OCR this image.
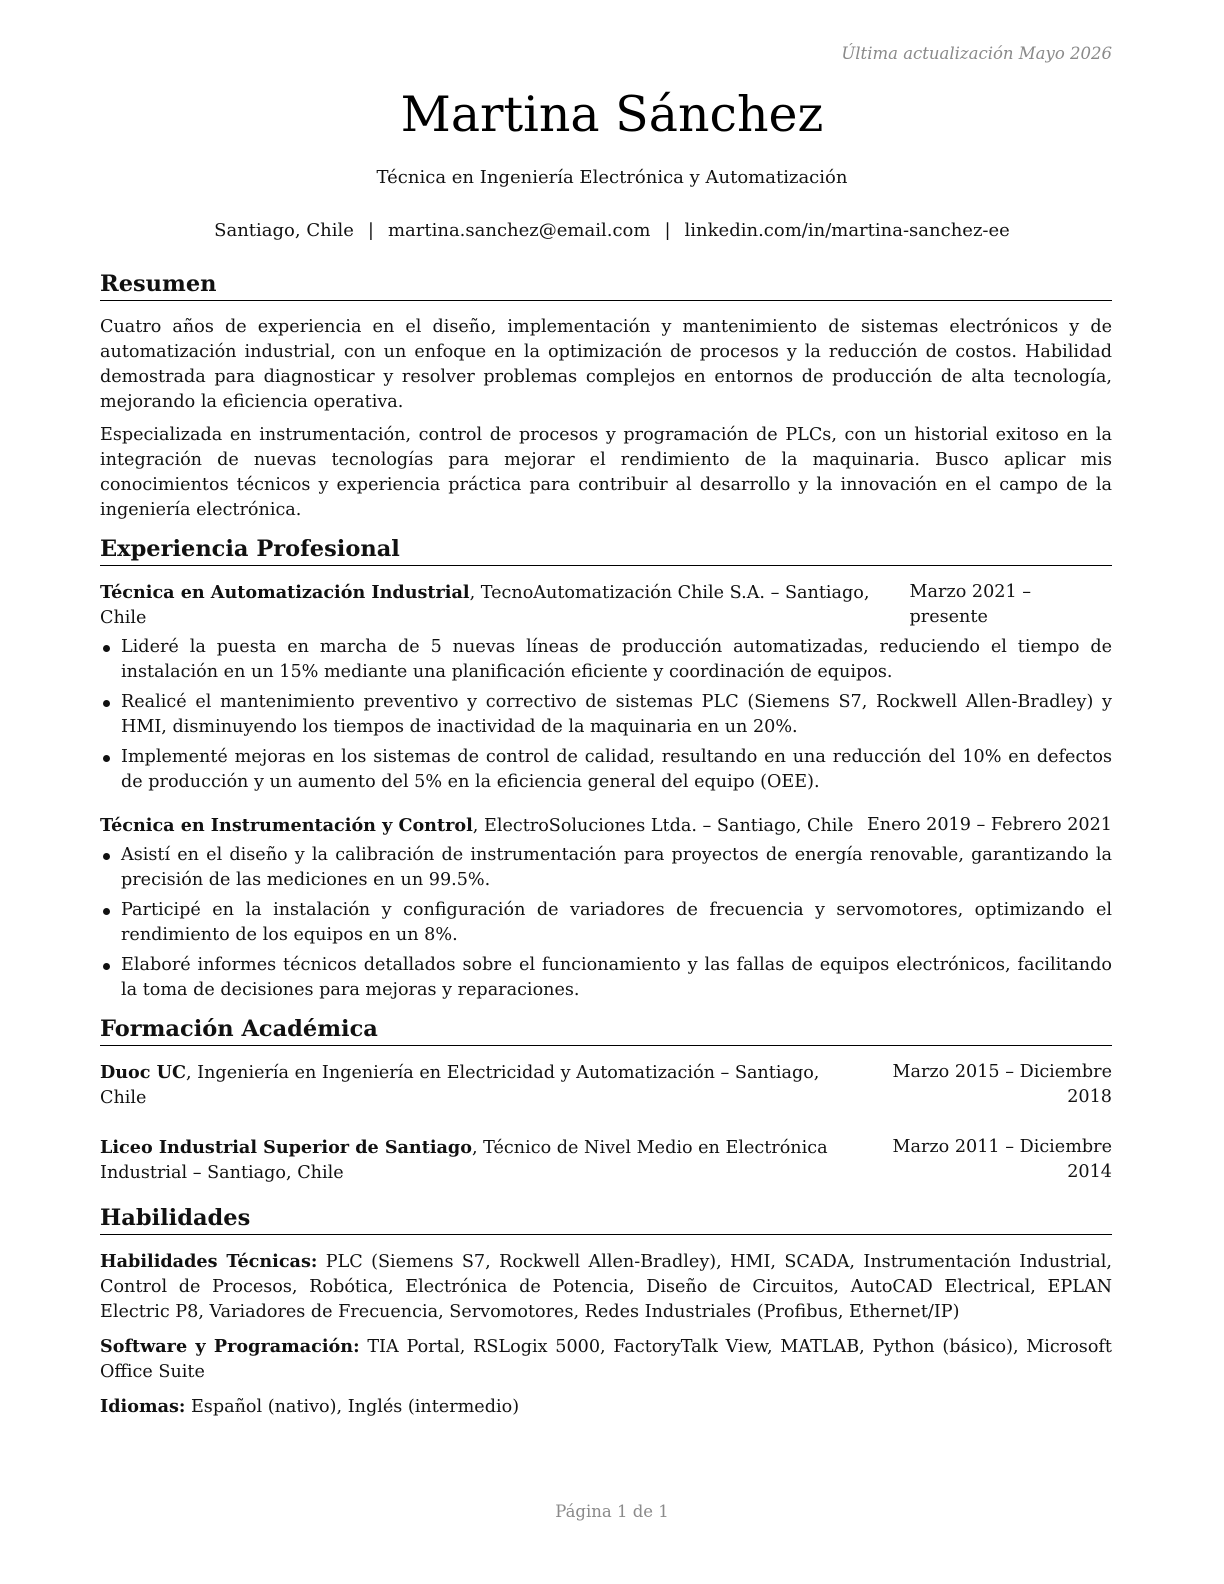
Última actualización Mayo 2026
Martina Sánchez
Técnica en Ingeniería Electrónica y Automatización
Santiago, Chile | martina.sanchez@email.com | linkedin.com/in/martina-sanchez-ee
Resumen

Cuatro años de experiencia en el diseño, implementación y mantenimiento de sistemas electrónicos y de automatización industrial, con un enfoque en la optimización de procesos y la reducción de costos. Habilidad demostrada para diagnosticar y resolver problemas complejos en entornos de producción de alta tecnología, mejorando la eficiencia operativa.

Especializada en instrumentación, control de procesos y programación de PLCs, con un historial exitoso en la integración de nuevas tecnologías para mejorar el rendimiento de la maquinaria. Busco aplicar mis conocimientos técnicos y experiencia práctica para contribuir al desarrollo y la innovación en el campo de la ingeniería electrónica.

Experiencia Profesional
Técnica en Automatización Industrial, TecnoAutomatización Chile S.A. – Santiago, Chile
Marzo 2021 – presente
Lideré la puesta en marcha de 5 nuevas líneas de producción automatizadas, reduciendo el tiempo de instalación en un 15% mediante una planificación eficiente y coordinación de equipos.
Realicé el mantenimiento preventivo y correctivo de sistemas PLC (Siemens S7, Rockwell Allen-Bradley) y HMI, disminuyendo los tiempos de inactividad de la maquinaria en un 20%.
Implementé mejoras en los sistemas de control de calidad, resultando en una reducción del 10% en defectos de producción y un aumento del 5% en la eficiencia general del equipo (OEE).
Técnica en Instrumentación y Control, ElectroSoluciones Ltda. – Santiago, Chile Enero 2019 – Febrero 2021
Asistí en el diseño y la calibración de instrumentación para proyectos de energía renovable, garantizando la precisión de las mediciones en un 99.5%.
Participé en la instalación y configuración de variadores de frecuencia y servomotores, optimizando el rendimiento de los equipos en un 8%.
Elaboré informes técnicos detallados sobre el funcionamiento y las fallas de equipos electrónicos, facilitando la toma de decisiones para mejoras y reparaciones.
Formación Académica
Duoc UC, Ingeniería en Ingeniería en Electricidad y Automatización – Santiago, Chile
Marzo 2015 – Diciembre 2018
Liceo Industrial Superior de Santiago, Técnico de Nivel Medio en Electrónica Industrial – Santiago, Chile
Marzo 2011 – Diciembre 2014
Habilidades

Habilidades Técnicas: PLC (Siemens S7, Rockwell Allen-Bradley), HMI, SCADA, Instrumentación Industrial, Control de Procesos, Robótica, Electrónica de Potencia, Diseño de Circuitos, AutoCAD Electrical, EPLAN Electric P8, Variadores de Frecuencia, Servomotores, Redes Industriales (Profibus, Ethernet/IP)

Software y Programación: TIA Portal, RSLogix 5000, FactoryTalk View, MATLAB, Python (básico), Microsoft Office Suite

Idiomas: Español (nativo), Inglés (intermedio)

Página 1 de 1
